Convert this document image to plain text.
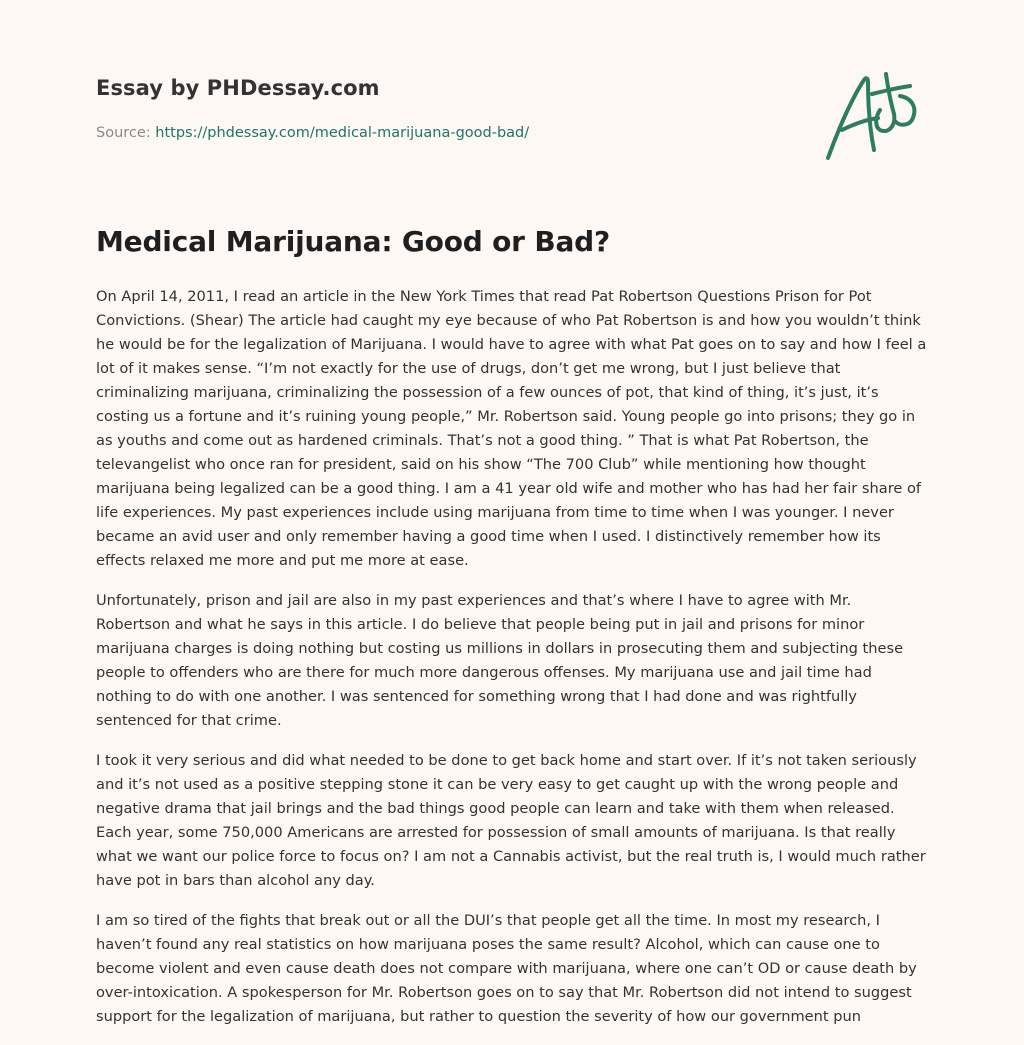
Essay by PHDessay.com
Source: https://phdessay.com/medical-marijuana-good-bad/
Medical Marijuana: Good or Bad?

On April 14, 2011, I read an article in the New York Times that read Pat Robertson Questions Prison for Pot Convictions. (Shear) The article had caught my eye because of who Pat Robertson is and how you wouldn’t think he would be for the legalization of Marijuana. I would have to agree with what Pat goes on to say and how I feel a lot of it makes sense. “I’m not exactly for the use of drugs, don’t get me wrong, but I just believe that criminalizing marijuana, criminalizing the possession of a few ounces of pot, that kind of thing, it’s just, it’s costing us a fortune and it’s ruining young people,” Mr. Robertson said. Young people go into prisons; they go in as youths and come out as hardened criminals. That’s not a good thing. ” That is what Pat Robertson, the televangelist who once ran for president, said on his show “The 700 Club” while mentioning how thought marijuana being legalized can be a good thing. I am a 41 year old wife and mother who has had her fair share of life experiences. My past experiences include using marijuana from time to time when I was younger. I never became an avid user and only remember having a good time when I used. I distinctively remember how its effects relaxed me more and put me more at ease.

Unfortunately, prison and jail are also in my past experiences and that’s where I have to agree with Mr. Robertson and what he says in this article. I do believe that people being put in jail and prisons for minor marijuana charges is doing nothing but costing us millions in dollars in prosecuting them and subjecting these people to offenders who are there for much more dangerous offenses. My marijuana use and jail time had nothing to do with one another. I was sentenced for something wrong that I had done and was rightfully sentenced for that crime.

I took it very serious and did what needed to be done to get back home and start over. If it’s not taken seriously and it’s not used as a positive stepping stone it can be very easy to get caught up with the wrong people and negative drama that jail brings and the bad things good people can learn and take with them when released. Each year, some 750,000 Americans are arrested for possession of small amounts of marijuana. Is that really what we want our police force to focus on? I am not a Cannabis activist, but the real truth is, I would much rather have pot in bars than alcohol any day.

I am so tired of the fights that break out or all the DUI’s that people get all the time. In most my research, I haven’t found any real statistics on how marijuana poses the same result? Alcohol, which can cause one to become violent and even cause death does not compare with marijuana, where one can’t OD or cause death by over-intoxication. A spokesperson for Mr. Robertson goes on to say that Mr. Robertson did not intend to suggest support for the legalization of marijuana, but rather to question the severity of how our government pun
